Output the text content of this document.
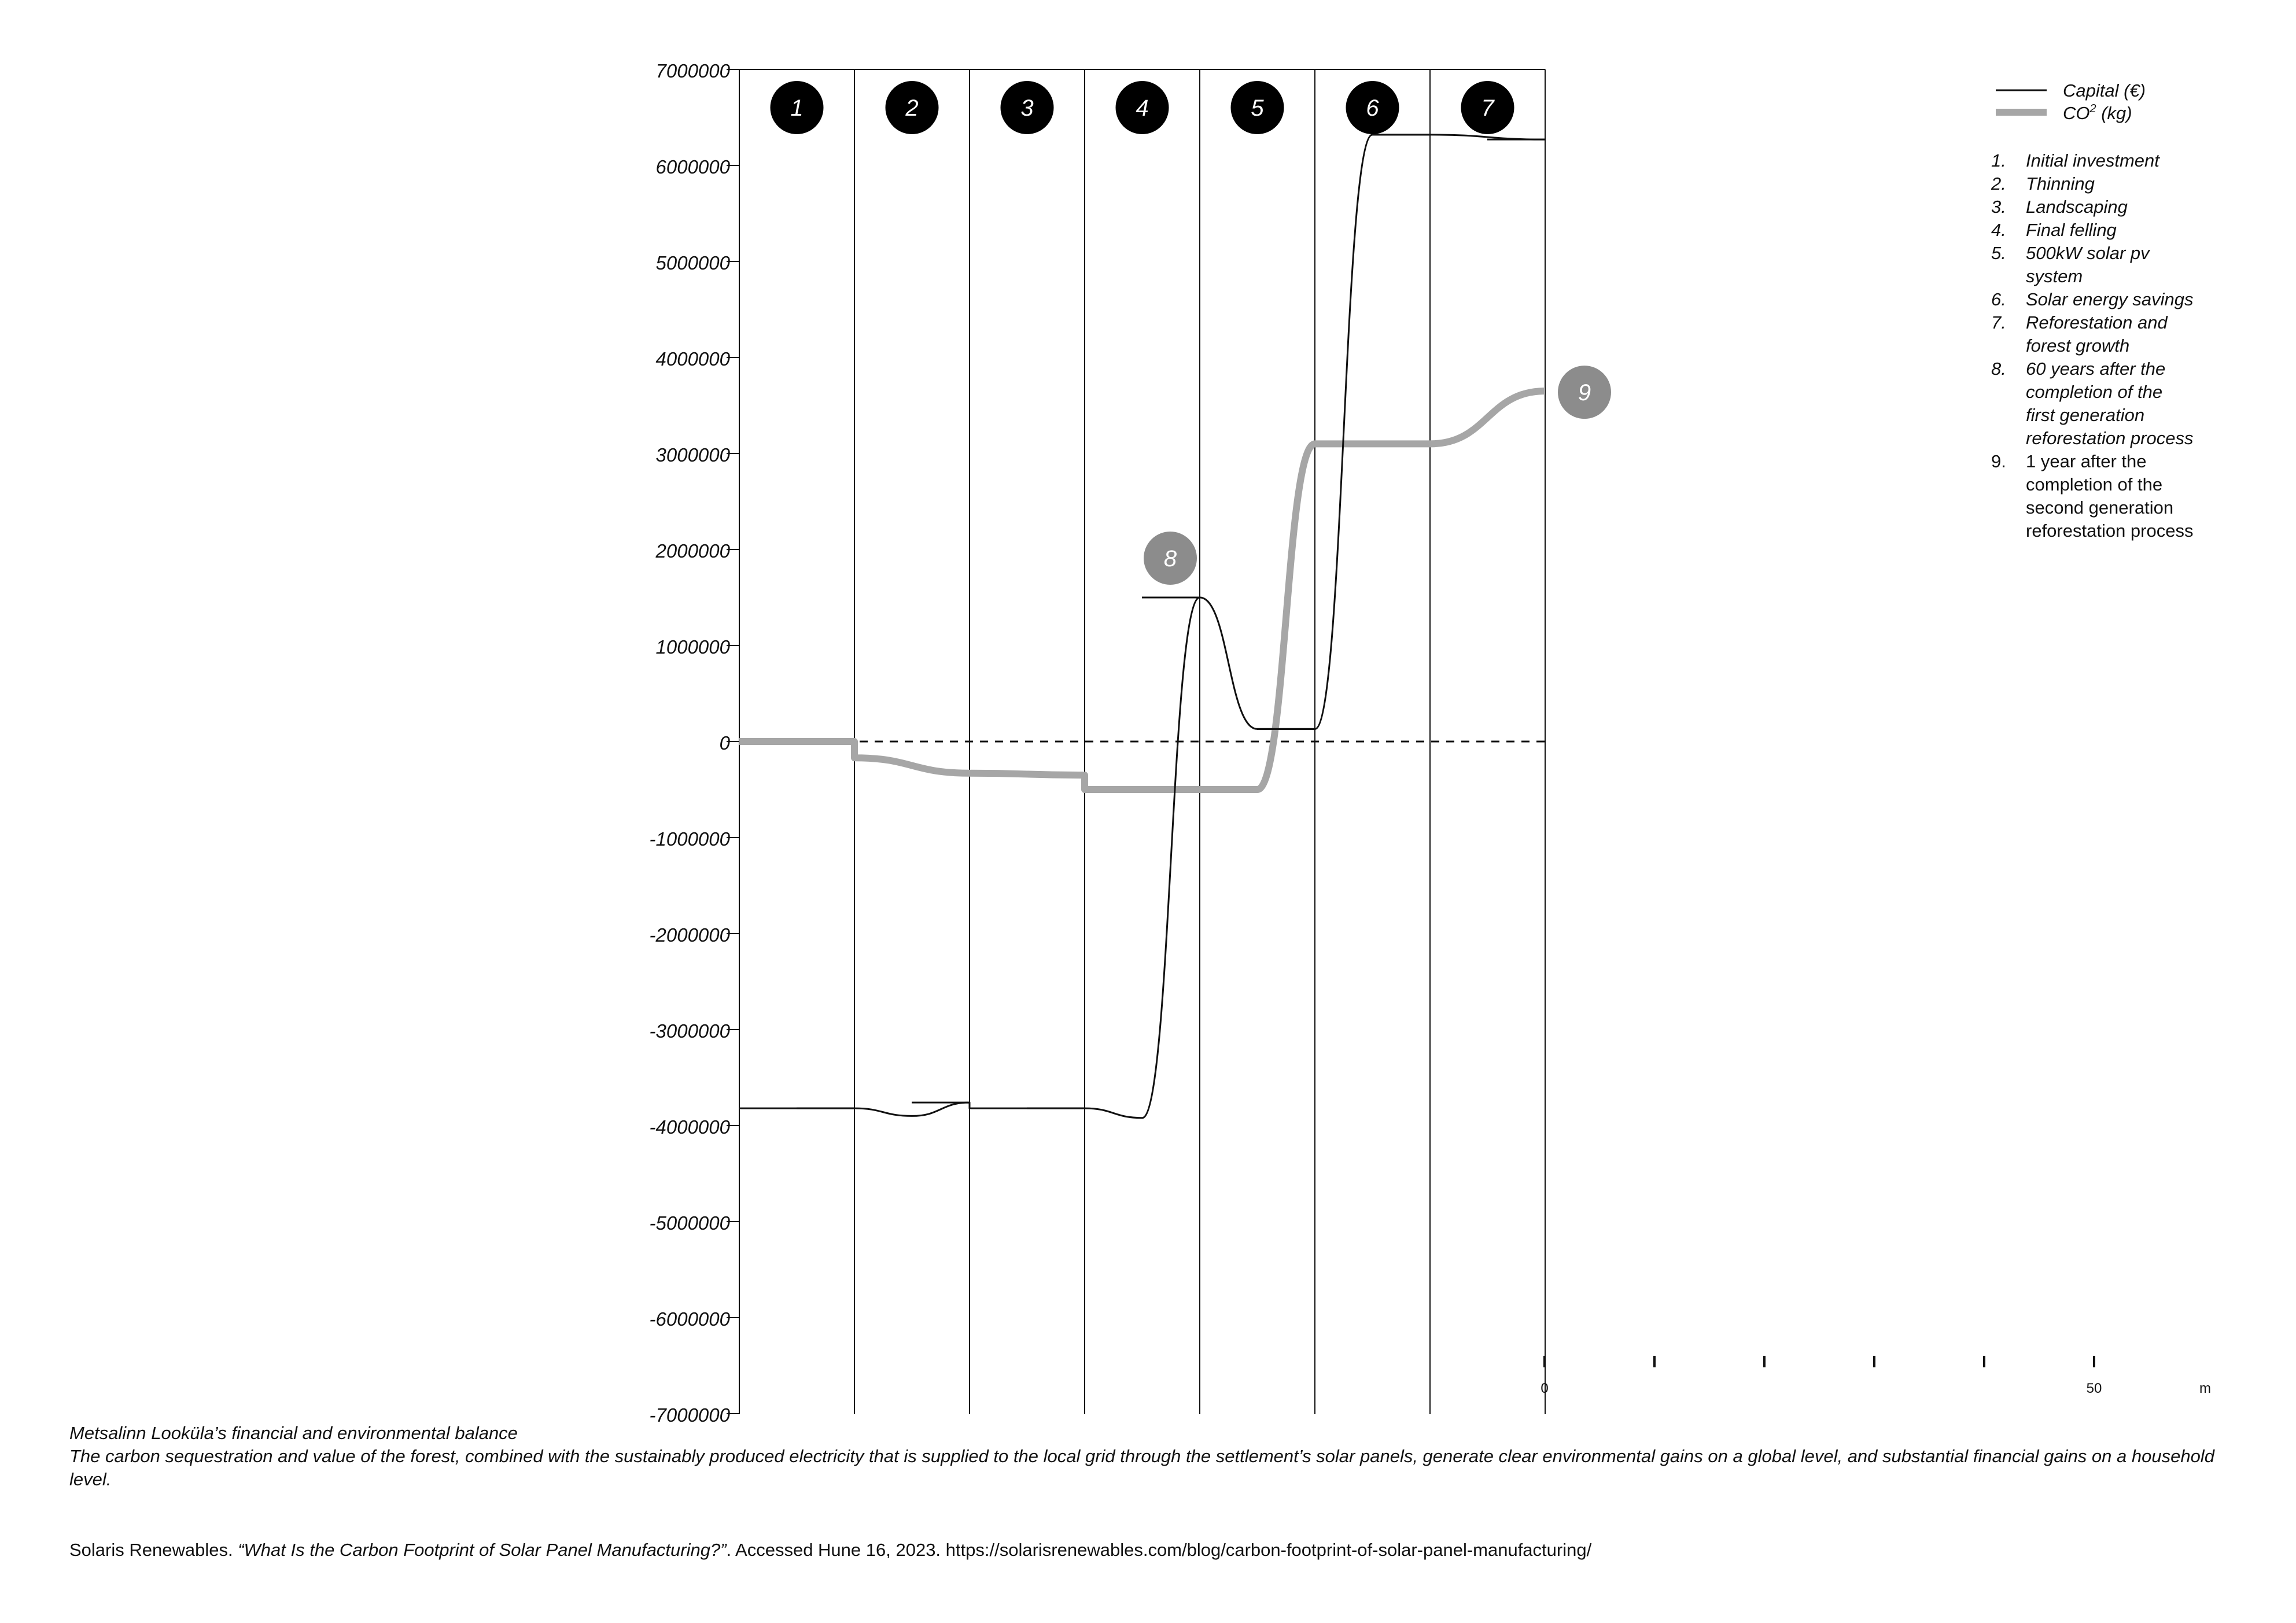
7000000
6000000
5000000
4000000
3000000
2000000
1000000
0
-1000000
-2000000
-3000000
-4000000
-5000000
-6000000
-7000000
1	2	3	4	5	6	7
8
9
Capital (€)
$CO^2$ (kg)
1. Initial investment
2. Thinning
3. Landscaping
4. Final felling
5. 500kW solar pv
system
6. Solar energy savings
7. Reforestation and
forest growth
8. 60 years after the
completion of the
first generation
reforestation process
9. 1 year after the
completion of the
second generation
reforestation process
0	50	m
Metsalinn Looküla’s financial and environmental balance
The carbon sequestration and value of the forest, combined with the sustainably produced electricity that is supplied to the local grid through the settlement’s solar panels, generate clear environmental gains on a global level, and substantial financial gains on a household level.
Solaris Renewables. “What Is the Carbon Footprint of Solar Panel Manufacturing?”. Accessed Hune 16, 2023. https://solarisrenewables.com/blog/carbon-footprint-of-solar-panel-manufacturing/
